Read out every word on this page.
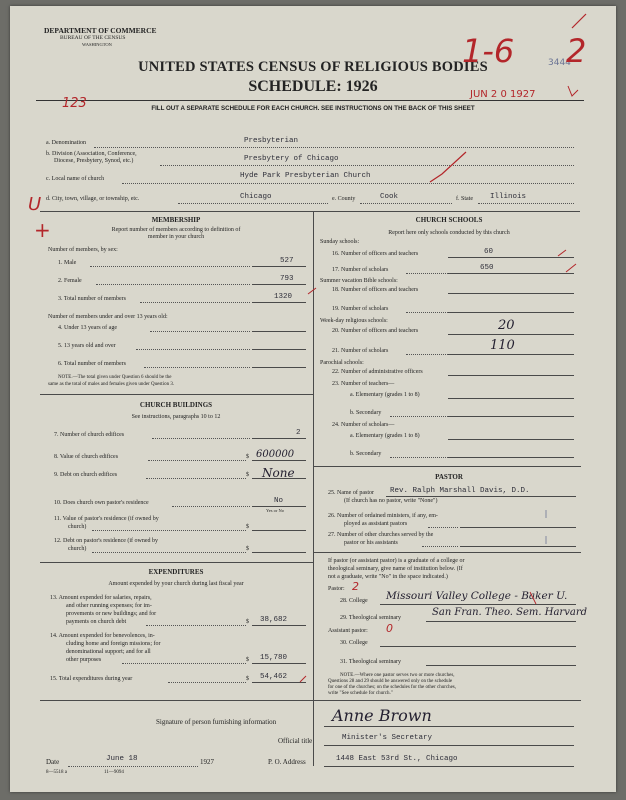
DEPARTMENT OF COMMERCE
BUREAU OF THE CENSUS
WASHINGTON
UNITED STATES CENSUS OF RELIGIOUS BODIES
SCHEDULE: 1926
FILL OUT A SEPARATE SCHEDULE FOR EACH CHURCH. SEE INSTRUCTIONS ON THE BACK OF THIS SHEET
JUN 2 0 1927
3444
1-6 2
123
U
+
a. Denomination	Presbyterian
b. Division (Association, Conference,
Diocese, Presbytery, Synod, etc.)	Presbytery of Chicago
c. Local name of church	Hyde Park Presbyterian Church
d. City, town, village, or township, etc.	Chicago	e. County	Cook	f. State Illinois
MEMBERSHIP
Report number of members according to definition of
member in your church
Number of members, by sex:
1. Male	527
2. Female	793
3. Total number of members	1320
Number of members under and over 13 years old:
4. Under 13 years of age
5. 13 years old and over
6. Total number of members
NOTE.—The total given under Question 6 should be the
same as the total of males and females given under Question 3.
CHURCH BUILDINGS
See instructions, paragraphs 10 to 12
7. Number of church edifices	2
8. Value of church edifices	$ 600000
9. Debt on church edifices	$ None
10. Does church own pastor's residence	No
Yes or No
11. Value of pastor's residence (if owned by
church)	$
12. Debt on pastor's residence (if owned by
church)	$
EXPENDITURES
Amount expended by your church during last fiscal year
13. Amount expended for salaries, repairs,
and other running expenses; for im-
provements or new buildings; and for
payments on church debt	$ 38,682
14. Amount expended for benevolences, in-
cluding home and foreign missions; for
denominational support; and for all
other purposes	$ 15,780
15. Total expenditures during year	$ 54,462
CHURCH SCHOOLS
Report here only schools conducted by this church
Sunday schools:
16. Number of officers and teachers	60
17. Number of scholars	650
Summer vacation Bible schools:
18. Number of officers and teachers
19. Number of scholars
Week-day religious schools:
20. Number of officers and teachers	20
21. Number of scholars	110
Parochial schools:
22. Number of administrative officers
23. Number of teachers—
a. Elementary (grades 1 to 8)
b. Secondary
24. Number of scholars—
a. Elementary (grades 1 to 8)
b. Secondary
PASTOR
25. Name of pastor Rev. Ralph Marshall Davis, D.D.
(If church has no pastor, write "None")
26. Number of ordained ministers, if any, em-
ployed as assistant pastors
27. Number of other churches served by the
pastor or his assistants
If pastor (or assistant pastor) is a graduate of a college or
theological seminary, give name of institution below. (If
not a graduate, write "No" in the space indicated.)
Pastor: 2
28. College Missouri Valley College - Baker U.
29. Theological seminary	San Fran. Theo. Sem. Harvard
Assistant pastor: 0
30. College
31. Theological seminary
NOTE.—Where one pastor serves two or more churches,
Questions 28 and 29 should be answered only on the schedule
for one of the churches; on the schedules for the other churches,
write "See schedule for church."
Signature of person furnishing information	Anne Brown
Official title	Minister's Secretary
Date	June 18	1927	P. O. Address	1448 East 53rd St., Chicago
8—5518 a	11—9094
